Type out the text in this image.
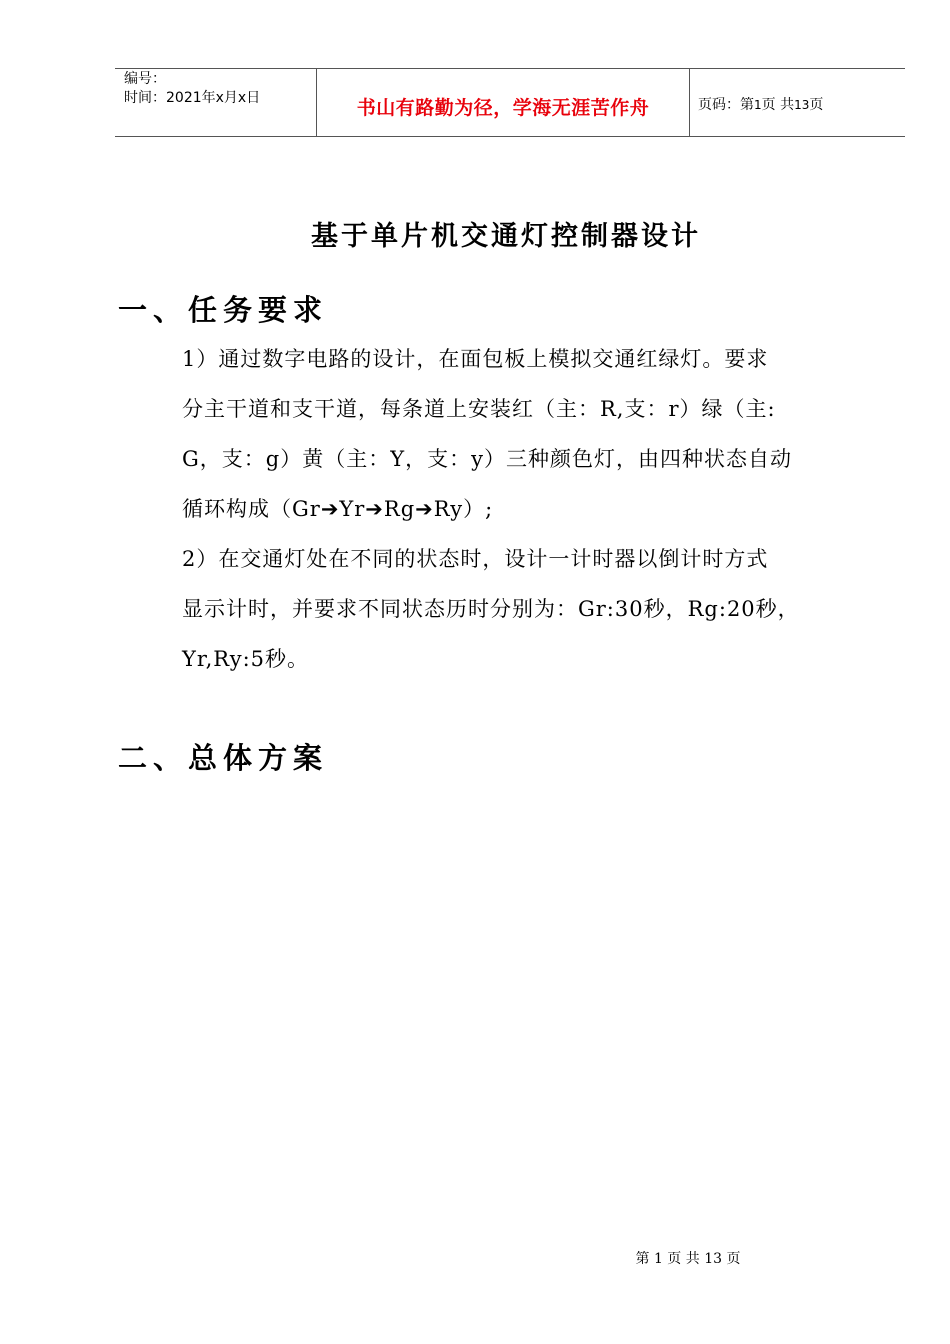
编号：
时间：2021年x月x日	书山有路勤为径，学海无涯苦作舟	页码：第1页 共13页
基于单片机交通灯控制器设计
一、任务要求
1）通过数字电路的设计，在面包板上模拟交通红绿灯。要求
分主干道和支干道，每条道上安装红（主：R,支：r）绿（主:
G，支：g）黄（主：Y，支：y）三种颜色灯，由四种状态自动
循环构成（Gr➔Yr➔Rg➔Ry）;
2）在交通灯处在不同的状态时，设计一计时器以倒计时方式
显示计时，并要求不同状态历时分别为：Gr:30秒，Rg:20秒，
Yr,Ry:5秒。
二、总体方案
第 1 页 共 13 页
